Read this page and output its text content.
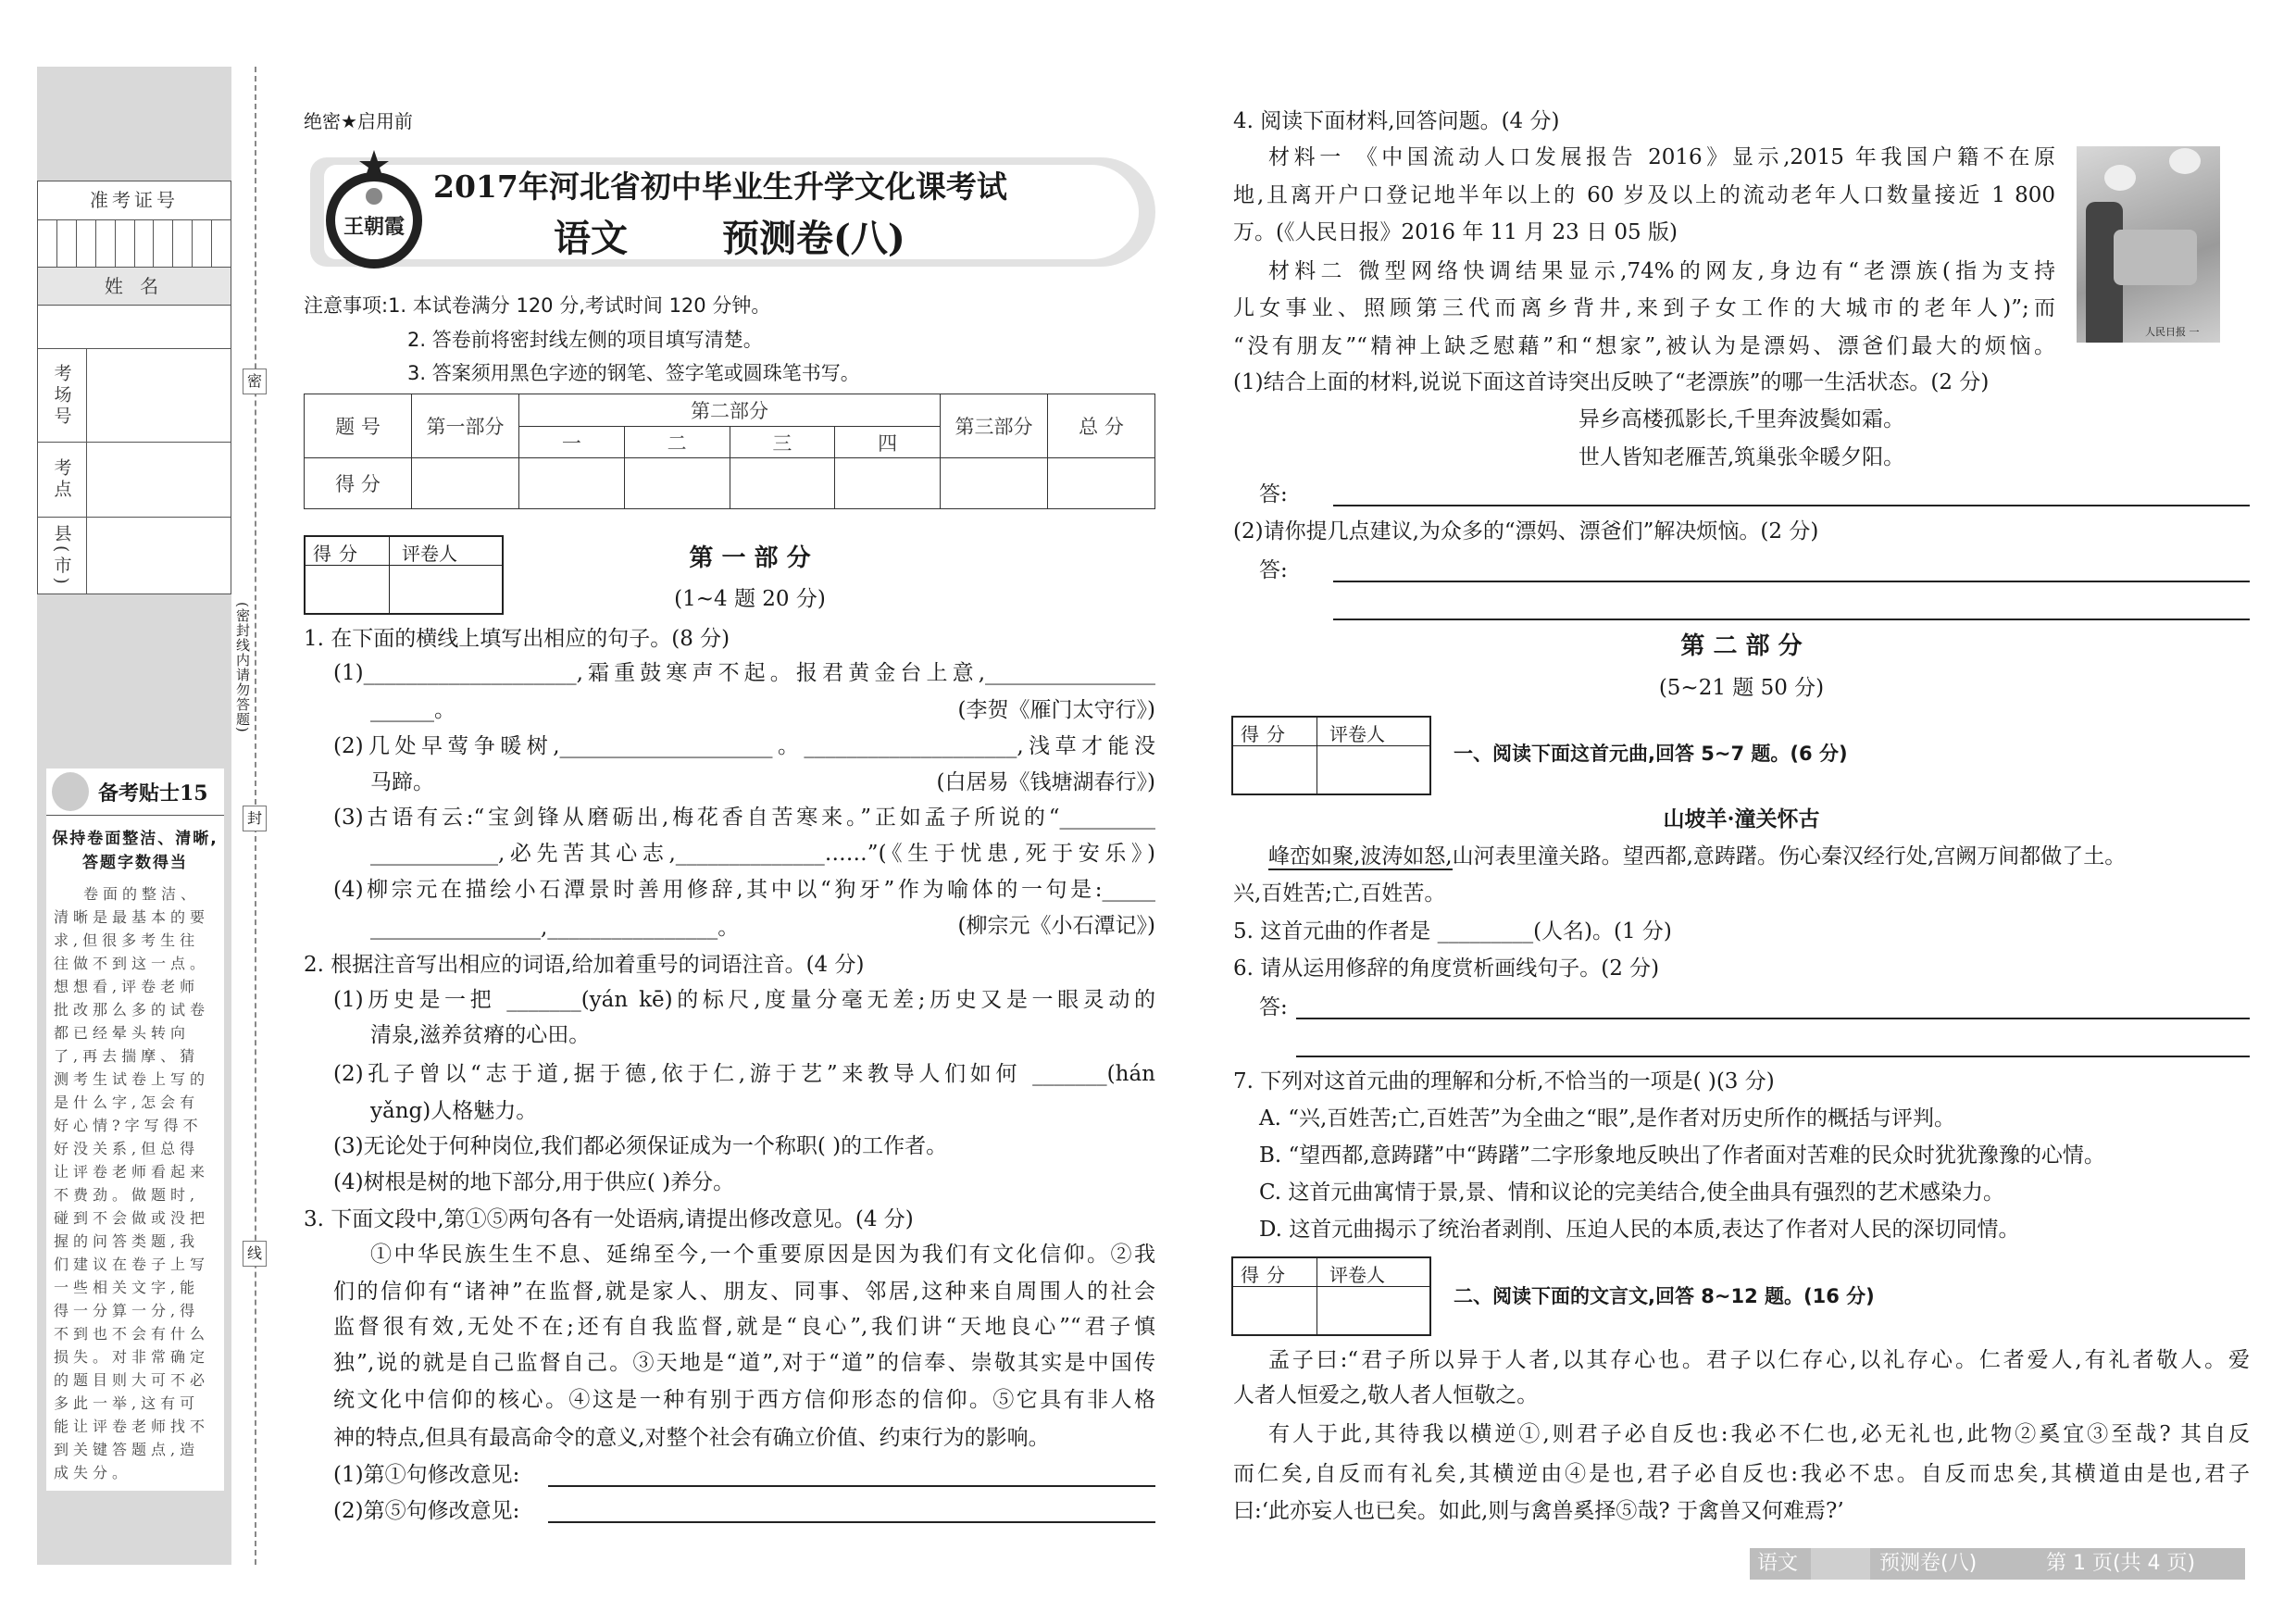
准考证号
姓 名
考场号
考点
县(市)
备考贴士15
保持卷面整洁、清晰,
答题字数得当
卷面的整洁、清晰是最基本的要求,但很多考生往往做不到这一点。想想看,评卷老师批改那么多的试卷都已经晕头转向了,再去揣摩、猜测考生试卷上写的是什么字,怎会有好心情?字写得不好没关系,但总得让评卷老师看起来不费劲。做题时,碰到不会做或没把握的问答类题,我们建议在卷子上写一些相关文字,能得一分算一分,得不到也不会有什么损失。对非常确定的题目则大可不必多此一举,这有可能让评卷老师找不到关键答题点,造成失分。
密
封
线
(密封线内请勿答题)
绝密★启用前
王朝霞
2017年河北省初中毕业生升学文化课考试
语文	预测卷(八)
注意事项:1. 本试卷满分 120 分,考试时间 120 分钟。
2. 答卷前将密封线左侧的项目填写清楚。
3. 答案须用黑色字迹的钢笔、签字笔或圆珠笔书写。
题 号	第一部分	第二部分				第三部分	总 分
		一	二	三	四		
得 分							
得分 评卷人	第 一 部 分
(1~4 题 20 分)
1. 在下面的横线上填写出相应的句子。(8 分)
(1)____________________,霜重鼓寒声不起。报君黄金台上意,________________
______。	(李贺《雁门太守行》)
(2)几处早莺争暖树,____________________。____________________,浅草才能没
马蹄。	(白居易《钱塘湖春行》)
(3)古语有云:“宝剑锋从磨砺出,梅花香自苦寒来。”正如孟子所说的“_________
____________,必先苦其心志,______________……”(《生于忧患,死于安乐》)
(4)柳宗元在描绘小石潭景时善用修辞,其中以“狗牙”作为喻体的一句是:_____
________________,________________。	(柳宗元《小石潭记》)
2. 根据注音写出相应的词语,给加着重号的词语注音。(4 分)
(1)历史是一把 _______(yán kē)的标尺,度量分毫无差;历史又是一眼灵动的
清泉,滋养贫瘠的心田。
(2)孔子曾以“志于道,据于德,依于仁,游于艺”来教导人们如何 _______(hán
yǎng)人格魅力。
(3)无论处于何种岗位,我们都必须保证成为一个称职( )的工作者。
(4)树根是树的地下部分,用于供应( )养分。
3. 下面文段中,第①⑤两句各有一处语病,请提出修改意见。(4 分)
①中华民族生生不息、延绵至今,一个重要原因是因为我们有文化信仰。②我
们的信仰有“诸神”在监督,就是家人、朋友、同事、邻居,这种来自周围人的社会
监督很有效,无处不在;还有自我监督,就是“良心”,我们讲“天地良心”“君子慎
独”,说的就是自己监督自己。③天地是“道”,对于“道”的信奉、崇敬其实是中国传
统文化中信仰的核心。④这是一种有别于西方信仰形态的信仰。⑤它具有非人格
神的特点,但具有最高命令的意义,对整个社会有确立价值、约束行为的影响。
(1)第①句修改意见:
(2)第⑤句修改意见:
4. 阅读下面材料,回答问题。(4 分)
材料一 《中国流动人口发展报告 2016》显示,2015 年我国户籍不在原
地,且离开户口登记地半年以上的 60 岁及以上的流动老年人口数量接近 1 800
万。(《人民日报》2016 年 11 月 23 日 05 版)
材料二 微型网络快调结果显示,74%的网友,身边有“老漂族(指为支持
儿女事业、照顾第三代而离乡背井,来到子女工作的大城市的老年人)”;而
“没有朋友”“精神上缺乏慰藉”和“想家”,被认为是漂妈、漂爸们最大的烦恼。
人民日报 一
(1)结合上面的材料,说说下面这首诗突出反映了“老漂族”的哪一生活状态。(2 分)
异乡高楼孤影长,千里奔波鬓如霜。
世人皆知老雁苦,筑巢张伞暖夕阳。
答:
(2)请你提几点建议,为众多的“漂妈、漂爸们”解决烦恼。(2 分)
答:
第 二 部 分
(5~21 题 50 分)
得分 评卷人
一、阅读下面这首元曲,回答 5~7 题。(6 分)
山坡羊·潼关怀古
峰峦如聚,波涛如怒,山河表里潼关路。望西都,意踌躇。伤心秦汉经行处,宫阙万间都做了土。
兴,百姓苦;亡,百姓苦。
5. 这首元曲的作者是 _________(人名)。(1 分)
6. 请从运用修辞的角度赏析画线句子。(2 分)
答:
7. 下列对这首元曲的理解和分析,不恰当的一项是( )(3 分)
A. “兴,百姓苦;亡,百姓苦”为全曲之“眼”,是作者对历史所作的概括与评判。
B. “望西都,意踌躇”中“踌躇”二字形象地反映出了作者面对苦难的民众时犹犹豫豫的心情。
C. 这首元曲寓情于景,景、情和议论的完美结合,使全曲具有强烈的艺术感染力。
D. 这首元曲揭示了统治者剥削、压迫人民的本质,表达了作者对人民的深切同情。
得分 评卷人
二、阅读下面的文言文,回答 8~12 题。(16 分)
孟子曰:“君子所以异于人者,以其存心也。君子以仁存心,以礼存心。仁者爱人,有礼者敬人。爱
人者人恒爱之,敬人者人恒敬之。
有人于此,其待我以横逆①,则君子必自反也:我必不仁也,必无礼也,此物②奚宜③至哉? 其自反
而仁矣,自反而有礼矣,其横逆由④是也,君子必自反也:我必不忠。自反而忠矣,其横道由是也,君子
曰:‘此亦妄人也已矣。如此,则与禽兽奚择⑤哉? 于禽兽又何难焉?’
语文	预测卷(八)	第 1 页(共 4 页)
